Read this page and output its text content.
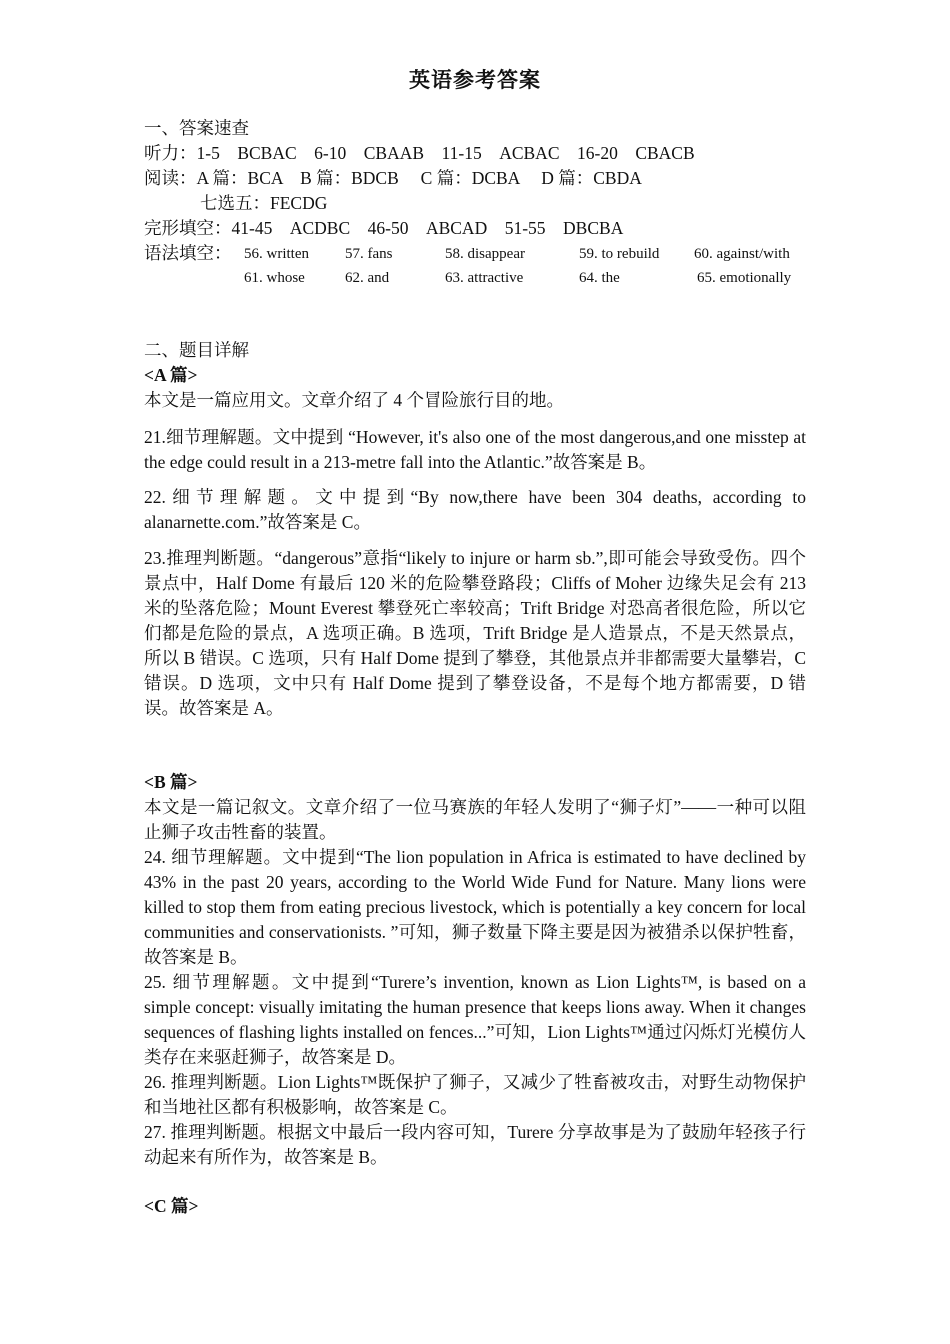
英语参考答案
一、答案速查
听力：1-5　BCBAC　6-10　CBAAB　11-15　ACBAC　16-20　CBACB
阅读：A 篇：BCA　B 篇：BDCB　 C 篇：DCBA　 D 篇：CBDA
七选五：FECDG
完形填空：41-45　ACDBC　46-50　ABCAD　51-55　DBCBA
语法填空： 56. written 57. fans	58. disappear	59. to rebuild 60. against/with
61. whose	62. and	63. attractive	64. the	65. emotionally
二、题目详解
<A 篇>
本文是一篇应用文。文章介绍了 4 个冒险旅行目的地。
21.细节理解题。文中提到 “However, it's also one of the most dangerous,and one misstep at the edge could result in a 213-metre fall into the Atlantic.”故答案是 B。
22.细节理解题。文中提到“By now,there have been 304 deaths, according to alanarnette.com.”故答案是 C。
23.推理判断题。“dangerous”意指“likely to injure or harm sb.”,即可能会导致受伤。四个景点中，Half Dome 有最后 120 米的危险攀登路段；Cliffs of Moher 边缘失足会有 213 米的坠落危险；Mount Everest 攀登死亡率较高；Trift Bridge 对恐高者很危险，所以它们都是危险的景点，A 选项正确。B 选项，Trift Bridge 是人造景点，不是天然景点，所以 B 错误。C 选项，只有 Half Dome 提到了攀登，其他景点并非都需要大量攀岩，C 错误。D 选项，文中只有 Half Dome 提到了攀登设备，不是每个地方都需要，D 错误。故答案是 A。
<B 篇>
本文是一篇记叙文。文章介绍了一位马赛族的年轻人发明了“狮子灯”——一种可以阻止狮子攻击牲畜的装置。
24. 细节理解题。文中提到“The lion population in Africa is estimated to have declined by 43% in the past 20 years, according to the World Wide Fund for Nature. Many lions were killed to stop them from eating precious livestock, which is potentially a key concern for local communities and conservationists. ”可知，狮子数量下降主要是因为被猎杀以保护牲畜，故答案是 B。
25. 细节理解题。文中提到“Turere’s invention, known as Lion Lights™, is based on a simple concept: visually imitating the human presence that keeps lions away. When it changes sequences of flashing lights installed on fences...”可知，Lion Lights™通过闪烁灯光模仿人类存在来驱赶狮子，故答案是 D。
26. 推理判断题。Lion Lights™既保护了狮子，又减少了牲畜被攻击，对野生动物保护和当地社区都有积极影响，故答案是 C。
27. 推理判断题。根据文中最后一段内容可知，Turere 分享故事是为了鼓励年轻孩子行动起来有所作为，故答案是 B。
<C 篇>
